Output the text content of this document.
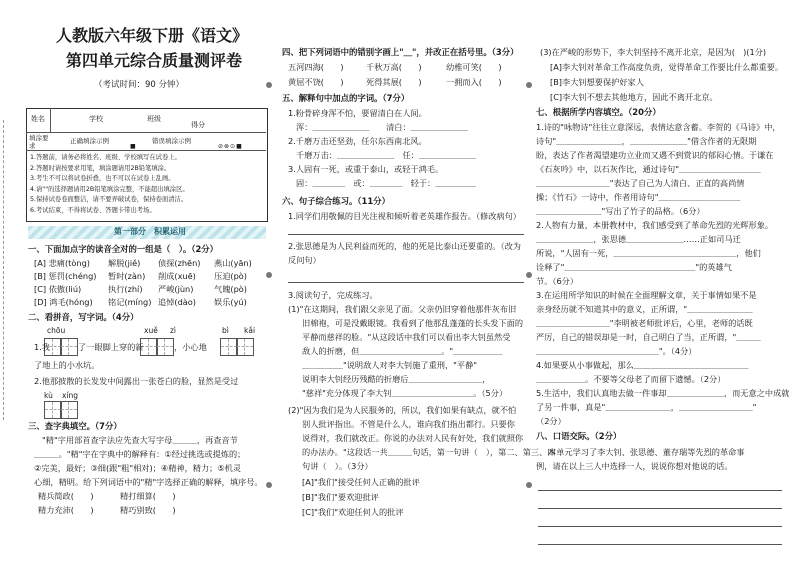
人教版六年级下册《语文》
第四单元综合质量测评卷
（考试时间：90 分钟）
姓名	学校	班级
得分
填涂要求
正确填涂示例	错误填涂示例
■	⊘⊗⊙■
1.答题前，请务必将姓名、班级、学校填写在试卷上。
2.答题时请按要求用笔，填涂题请用2B铅笔填涂。
3.考生不可以将试卷折叠，也不可以在试卷上乱画。
4.请""的选择题请用2B铅笔填涂完整，不能超出填涂区。
5.保持试卷卷面整洁，请不要弄破试卷，保持卷面清洁。
6.考试结束，不得将试卷、答题卡带出考场。
第一部分　积累运用
一、下面加点字的读音全对的一组是（　）。（2分）
[A] 悲痛(tòng) 解脱(jiě) 侦探(zhēn) 燕山(yān)
[B] 惩罚(chéng) 暂时(zàn) 削成(xuē) 压迫(pò)
[C] 依傲(liú)	执行(zhí) 严峻(jùn)	气魄(pò)
[D] 鸿毛(hóng) 铭记(míng) 追悼(dào) 娱乐(yú)
二、看拼音，写字词。（4分）
chōu	xuě zì	bì kǎi
1.我	了一眼脚上穿的新	，小心地
了地上的小水坑。
2.他那披散的长发发中间露出一张苍白的脸，显然是受过
kù xíng
三、查字典填空。（7分）
"精"字用部首查字法应先查大写字母＿＿＿，再查音节
＿＿＿。"精"字在字典中的解释有：①经过挑选或提炼的；
②完美，最好；③细(跟"粗"相对)；④精神，精力；⑤机灵
心细，精明。给下列词语中的"精"字选择正确的解释，填序号。
精兵简政(　　)	精打细算(　　)
精力充沛(　　)	精巧别致(　　)
四、把下列词语中的错别字画上"＿"，并改正在括号里。（3分）
五河四海(　　)	千秋万高(　　)	幼椎可笑(　　)
黄屈不饶(　　)	死得其展(　　)	一拥而入(　　)
五、解释句中加点的字词。（7分）
1.粉骨碎身浑不怕，要留清白在人间。
浑：＿＿＿＿＿＿＿　　清白：＿＿＿＿＿＿＿
2.千磨万击还坚劲，任尔东西南北风。
千磨万击：＿＿＿＿＿＿＿　任：＿＿＿＿＿＿＿
3.人固有一死，或重于泰山，或轻于鸿毛。
固：＿＿＿＿　或：＿＿＿＿　轻于：＿＿＿＿＿
六、句子综合练习。（11分）
1.同学们用敬佩的目光注视和倾听着老英雄作报告。（修改病句）
2.张思德是为人民利益而死的，他的死是比泰山还要重的。（改为
反问句）
3.阅读句子，完成练习。
(1)"在这期间，我们跟父亲见了面。父亲仍旧穿着他那件灰布旧
旧棉袍，可是没戴眼镜。我看到了他那乱蓬蓬的长头发下面的
平静而慈祥的脸。"从这段话中我们可以看出李大钊虽然受
敌人的折磨，但＿＿＿＿＿＿＿＿＿＿。"＿＿＿＿＿＿
＿＿＿＿＿"说明敌人对李大钊施了重刑，"平静"
说明李大钊经历残酷的折磨后＿＿＿＿＿＿＿＿＿，
"慈祥"充分体现了李大钊＿＿＿＿＿＿＿＿＿＿。（5分）
(2)"因为我们是为人民服务的，所以，我们如果有缺点，就不怕
别人批评指出。不管是什么人，谁向我们指出都行。只要你
说得对，我们就改正。你说的办法对人民有好处，我们就照你
的办法办。"这段话一共＿＿＿句话，第一句讲（　），第二、第三、四
句讲（　）。（3分）
[A]"我们"接受任何人正确的批评
[B]"我们"要欢迎批评
[C]"我们"欢迎任何人的批评
(3)在严峻的形势下，李大钊坚持不离开北京，是因为(　)(1分)
[A]李大钊对革命工作高度负责，觉得革命工作要比什么都重要。
[B]李大钊想要保护好家人
[C]李大钊不想去其他地方，因此不离开北京。
七、根据所学内容填空。（20分）
1.诗的"咏物诗"往往立意深远，表情达意含蓄。李贺的《马诗》中，
诗句"＿＿＿＿＿＿＿＿，＿＿＿＿＿＿＿"借含作者的无限期
盼，表达了作者渴望建功立业而又遇不到赏识的郁闷心情。于谦在
《石灰吟》中，以石灰作比，通过诗句"＿＿＿＿＿＿＿＿＿＿
＿＿＿＿＿＿＿＿＿"表达了自己为人清白、正直的高尚情
操；《竹石》一诗中，作者用诗句"＿＿＿＿＿＿＿＿＿＿
＿＿＿＿＿＿＿＿"写出了竹子的品格。（6分）
2.人物有力量，本册教材中，我们感受到了革命先烈的光辉形象。
＿＿＿＿＿＿＿，张思德＿＿＿＿＿＿＿……正如司马迁
所说，"人固有一死，＿＿＿＿＿＿＿＿＿＿＿＿＿＿＿，他们
诠释了"＿＿＿＿＿＿＿＿＿＿＿＿＿＿＿＿"的英雄气
节。（6分）
3.在运用所学知识的时候在全面理解文章，关于事情如果不是
亲身经历就不知道其中的意义，正所谓，"＿＿＿＿＿＿＿＿
＿＿＿＿＿＿＿＿＿"李明被老师批评后，心里，老师的话既
严厉，自己的错误却是一时，自己明白了当，正所谓，"＿＿＿
＿＿＿＿＿＿＿＿＿＿＿＿＿＿＿"。（4分）
4.如果要从小事做起，那么＿＿＿＿＿＿＿＿＿＿＿＿＿＿
＿＿＿＿＿＿。不要等父母老了而留下遗憾。（2分）
5.生活中，我们认真地去做一件事却＿＿＿＿＿＿＿，而无意之中成就
了另一件事，真是"＿＿＿＿＿＿＿＿，＿＿＿＿＿＿＿＿＿"
（2分）
八、口语交际。（2分）
本单元学习了李大钊、张思德、董存瑞等先烈的革命事
例，请在以上三人中选择一人，说说你想对他说的话。
